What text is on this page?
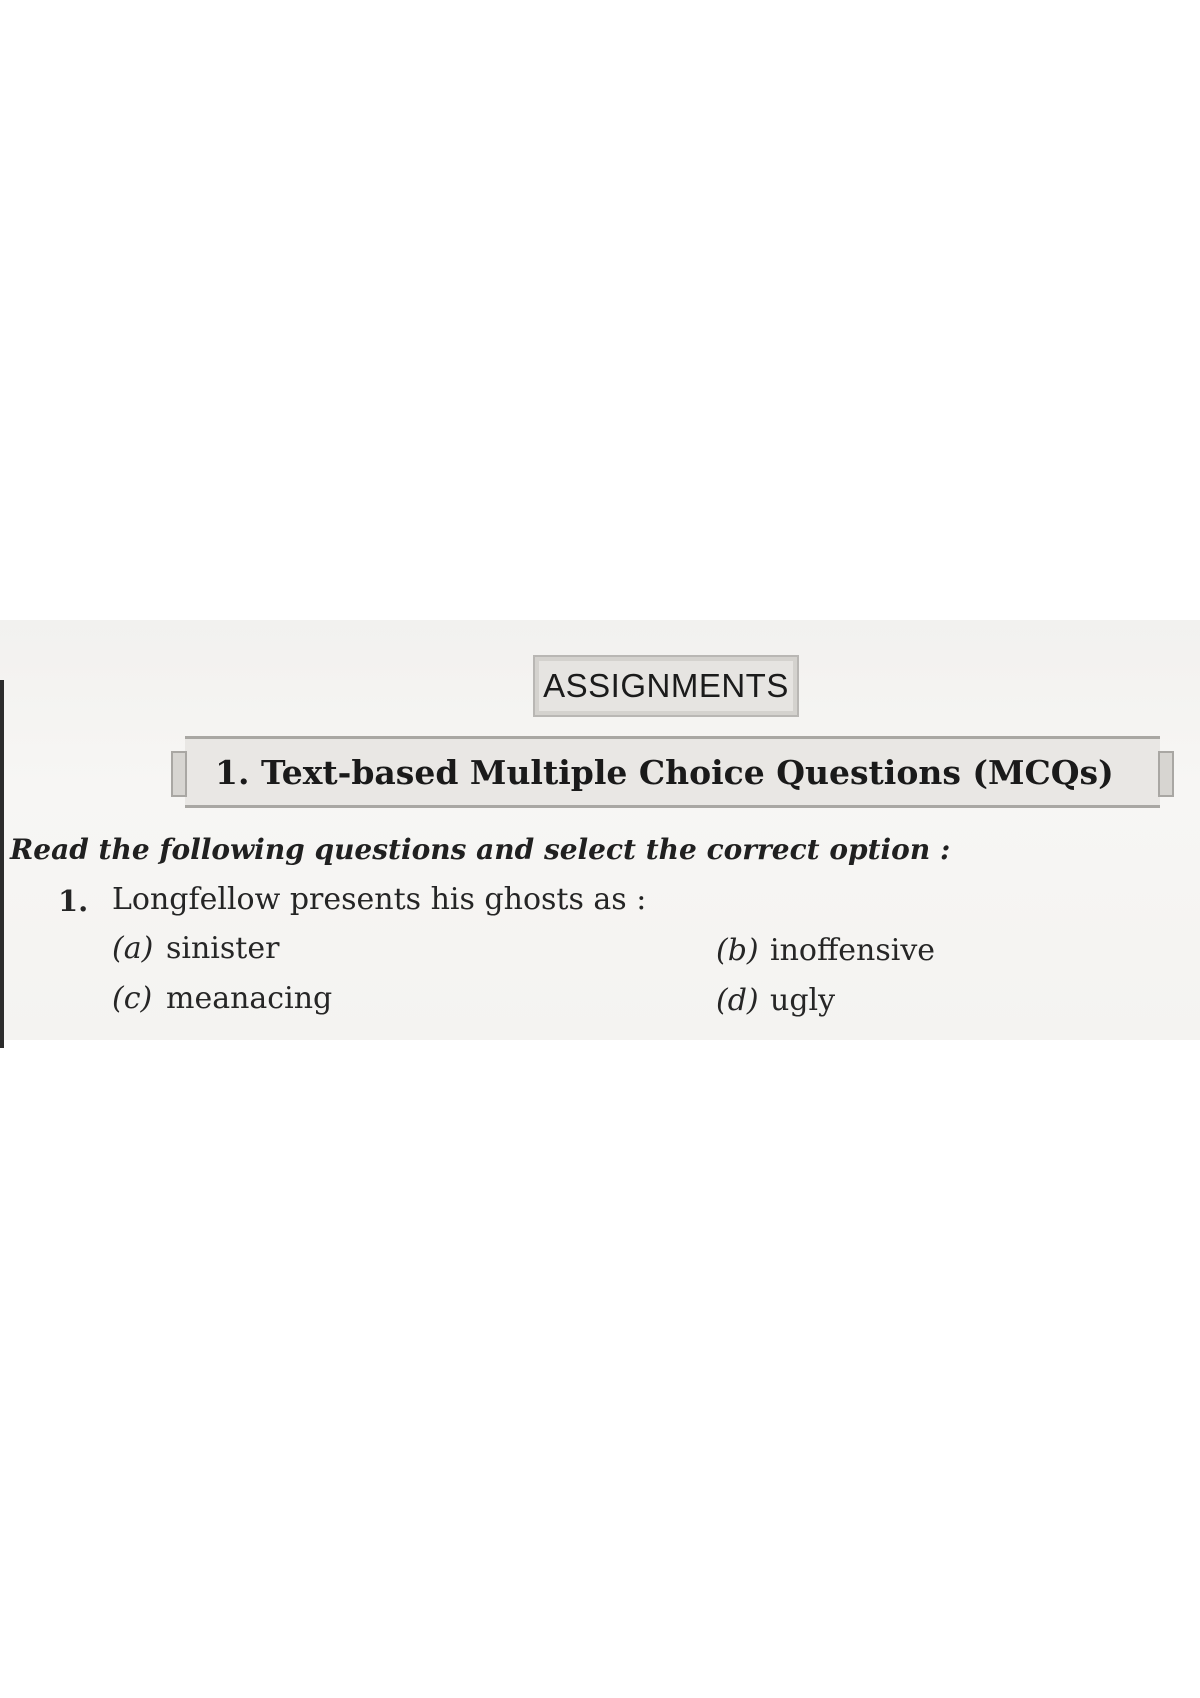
ASSIGNMENTS
1. Text-based Multiple Choice Questions (MCQs)
Read the following questions and select the correct option :
1. Longfellow presents his ghosts as :
(a) sinister	(b) inoffensive
(c) meanacing	(d) ugly
